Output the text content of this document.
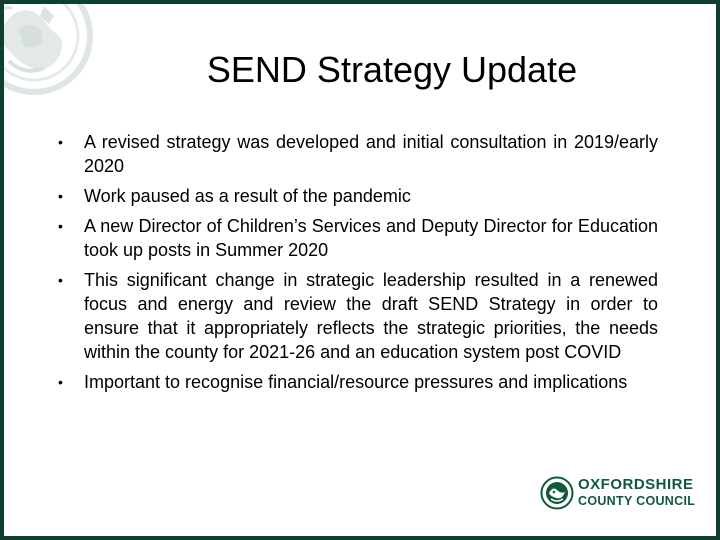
SEND Strategy Update
• A revised strategy was developed and initial consultation in 2019/early 2020
• Work paused as a result of the pandemic
• A new Director of Children’s Services and Deputy Director for Education took up posts in Summer 2020
• This significant change in strategic leadership resulted in a renewed focus and energy and review the draft SEND Strategy in order to ensure that it appropriately reflects the strategic priorities, the needs within the county for 2021-26 and an education system post COVID
• Important to recognise financial/resource pressures and implications
OXFORDSHIRE
COUNTY COUNCIL
